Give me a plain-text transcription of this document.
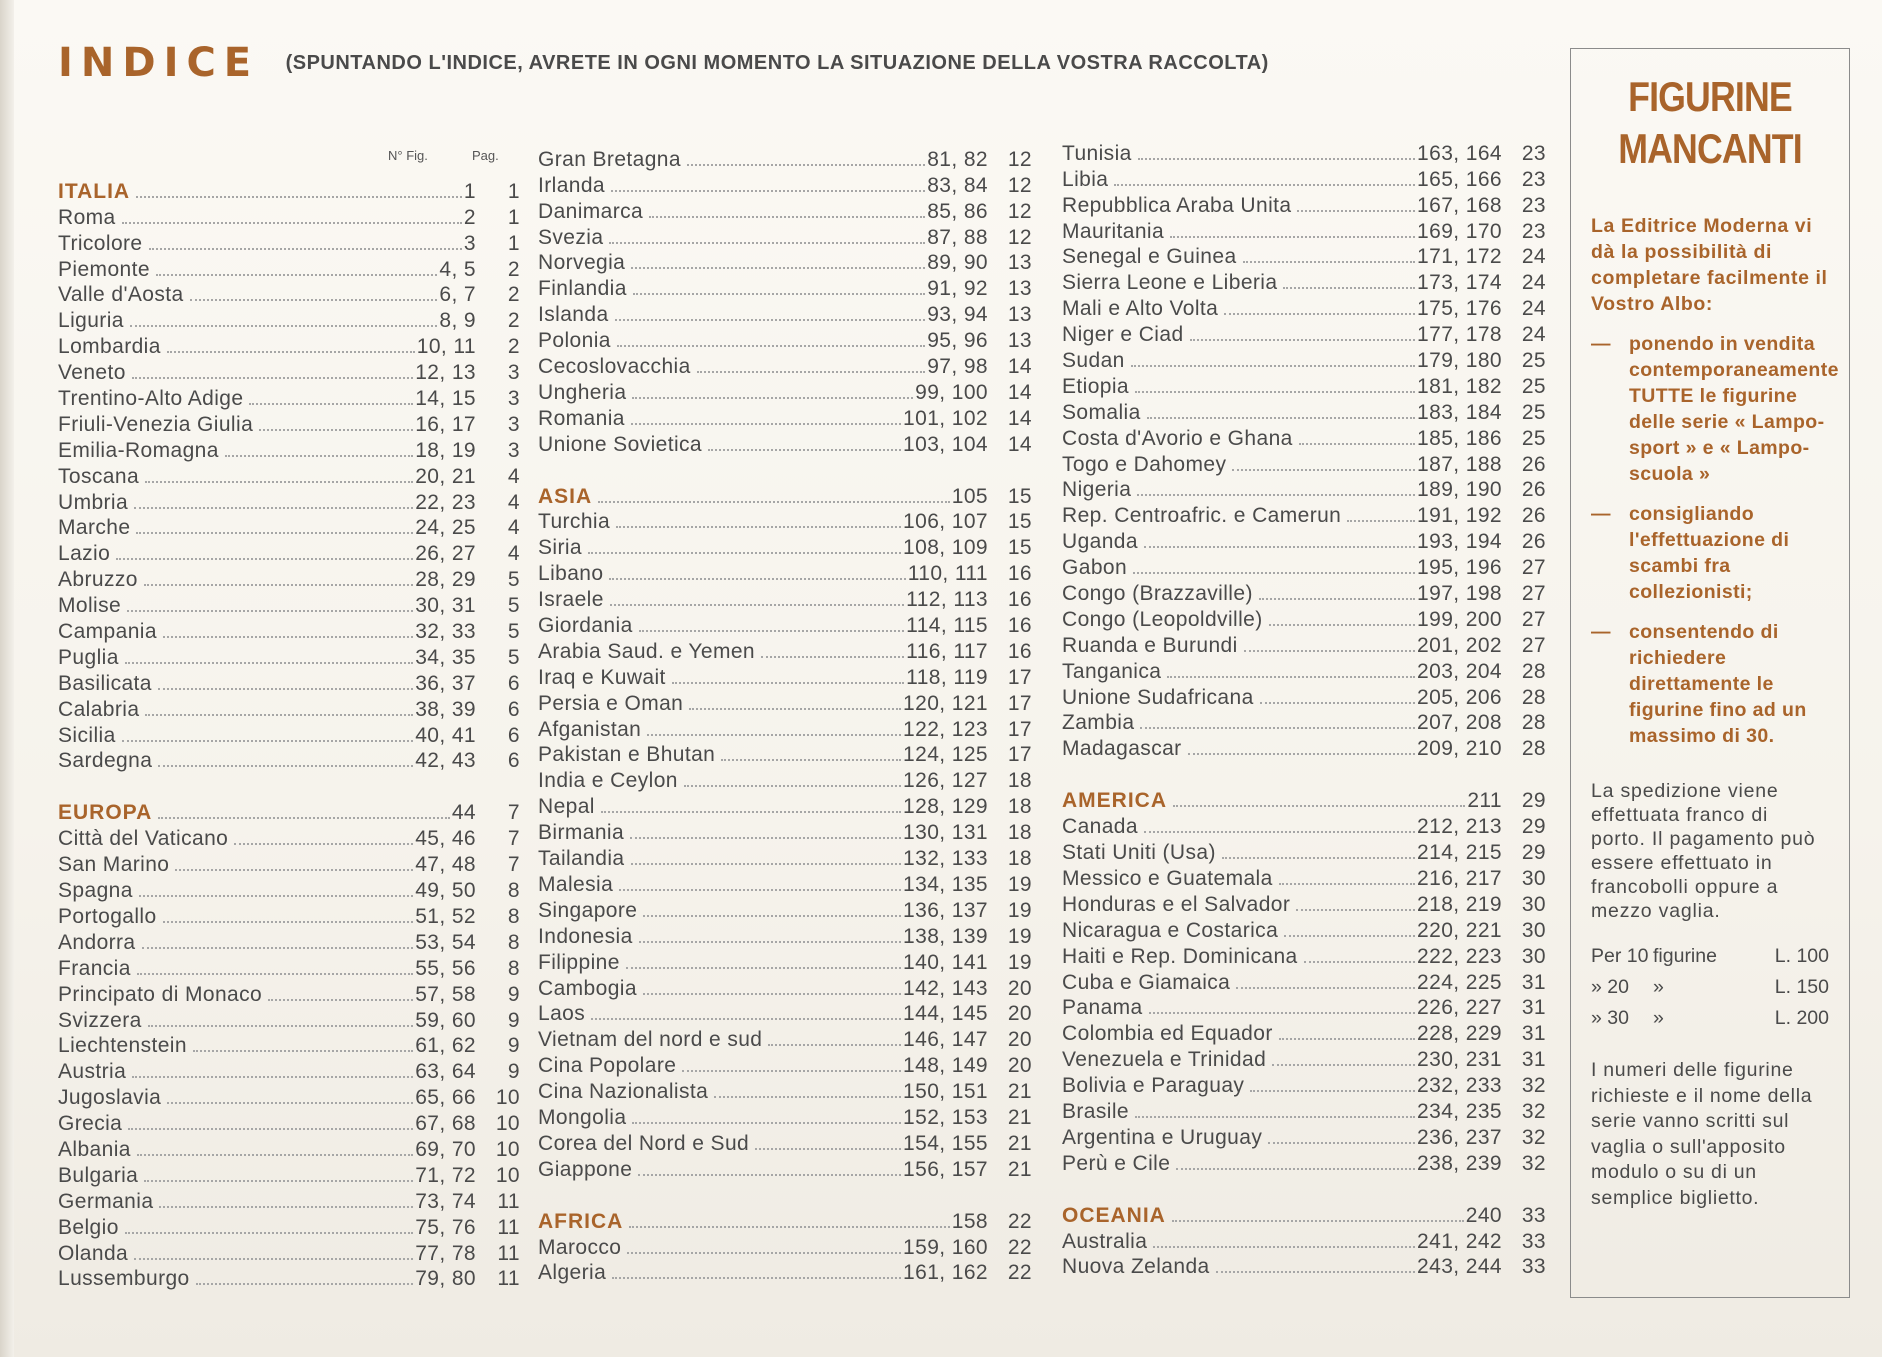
INDICE (SPUNTANDO L'INDICE, AVRETE IN OGNI MOMENTO LA SITUAZIONE DELLA VOSTRA RACCOLTA)
N° Fig.	Pag.
ITALIA	1	1
Roma	2	1
Tricolore	3	1
Piemonte	4, 5	2
Valle d'Aosta	6, 7	2
Liguria	8, 9	2
Lombardia	10, 11	2
Veneto	12, 13	3
Trentino-Alto Adige	14, 15	3
Friuli-Venezia Giulia	16, 17	3
Emilia-Romagna	18, 19	3
Toscana	20, 21	4
Umbria	22, 23	4
Marche	24, 25	4
Lazio	26, 27	4
Abruzzo	28, 29	5
Molise	30, 31	5
Campania	32, 33	5
Puglia	34, 35	5
Basilicata	36, 37	6
Calabria	38, 39	6
Sicilia	40, 41	6
Sardegna	42, 43	6
EUROPA	44	7
Città del Vaticano	45, 46	7
San Marino	47, 48	7
Spagna	49, 50	8
Portogallo	51, 52	8
Andorra	53, 54	8
Francia	55, 56	8
Principato di Monaco	57, 58	9
Svizzera	59, 60	9
Liechtenstein	61, 62	9
Austria	63, 64	9
Jugoslavia	65, 66 10
Grecia	67, 68 10
Albania	69, 70 10
Bulgaria	71, 72 10
Germania	73, 74	11
Belgio	75, 76	11
Olanda	77, 78	11
Lussemburgo	79, 80	11
Gran Bretagna	81, 82 12
Irlanda	83, 84 12
Danimarca	85, 86 12
Svezia	87, 88 12
Norvegia	89, 90 13
Finlandia	91, 92 13
Islanda	93, 94 13
Polonia	95, 96 13
Cecoslovacchia	97, 98 14
Ungheria	99, 100 14
Romania	101, 102 14
Unione Sovietica	103, 104 14
ASIA	105 15
Turchia	106, 107 15
Siria	108, 109 15
Libano	110, 111 16
Israele	112, 113 16
Giordania	114, 115 16
Arabia Saud. e Yemen	116, 117 16
Iraq e Kuwait	118, 119 17
Persia e Oman	120, 121 17
Afganistan	122, 123 17
Pakistan e Bhutan	124, 125 17
India e Ceylon	126, 127 18
Nepal	128, 129 18
Birmania	130, 131 18
Tailandia	132, 133 18
Malesia	134, 135 19
Singapore	136, 137 19
Indonesia	138, 139 19
Filippine	140, 141 19
Cambogia	142, 143 20
Laos	144, 145 20
Vietnam del nord e sud	146, 147 20
Cina Popolare	148, 149 20
Cina Nazionalista	150, 151 21
Mongolia	152, 153 21
Corea del Nord e Sud	154, 155 21
Giappone	156, 157 21
AFRICA	158 22
Marocco	159, 160 22
Algeria	161, 162 22
Tunisia	163, 164 23
Libia	165, 166 23
Repubblica Araba Unita	167, 168 23
Mauritania	169, 170 23
Senegal e Guinea	171, 172 24
Sierra Leone e Liberia	173, 174 24
Mali e Alto Volta	175, 176 24
Niger e Ciad	177, 178 24
Sudan	179, 180 25
Etiopia	181, 182 25
Somalia	183, 184 25
Costa d'Avorio e Ghana	185, 186 25
Togo e Dahomey	187, 188 26
Nigeria	189, 190 26
Rep. Centroafric. e Camerun	191, 192 26
Uganda	193, 194 26
Gabon	195, 196 27
Congo (Brazzaville)	197, 198 27
Congo (Leopoldville)	199, 200 27
Ruanda e Burundi	201, 202 27
Tanganica	203, 204 28
Unione Sudafricana	205, 206 28
Zambia	207, 208 28
Madagascar	209, 210 28
AMERICA	211 29
Canada	212, 213 29
Stati Uniti (Usa)	214, 215 29
Messico e Guatemala	216, 217 30
Honduras e el Salvador	218, 219 30
Nicaragua e Costarica	220, 221 30
Haiti e Rep. Dominicana	222, 223 30
Cuba e Giamaica	224, 225 31
Panama	226, 227 31
Colombia ed Equador	228, 229 31
Venezuela e Trinidad	230, 231 31
Bolivia e Paraguay	232, 233 32
Brasile	234, 235 32
Argentina e Uruguay	236, 237 32
Perù e Cile	238, 239 32
OCEANIA	240 33
Australia	241, 242 33
Nuova Zelanda	243, 244 33
FIGURINE
MANCANTI
La Editrice Moderna vi dà la possibilità di completare facilmente il Vostro Albo:
— ponendo in vendita contemporaneamente TUTTE le figurine delle serie « Lampo-sport » e « Lampo-scuola »
— consigliando l'effettuazione di scambi fra collezionisti;
— consentendo di richiedere direttamente le figurine fino ad un massimo di 30.
La spedizione viene effettuata franco di porto. Il pagamento può essere effettuato in francobolli oppure a mezzo vaglia.
Per 10 figurine	L. 100
» 20	»	L. 150
» 30	»	L. 200
I numeri delle figurine richieste e il nome della serie vanno scritti sul vaglia o sull'apposito modulo o su di un semplice biglietto.
